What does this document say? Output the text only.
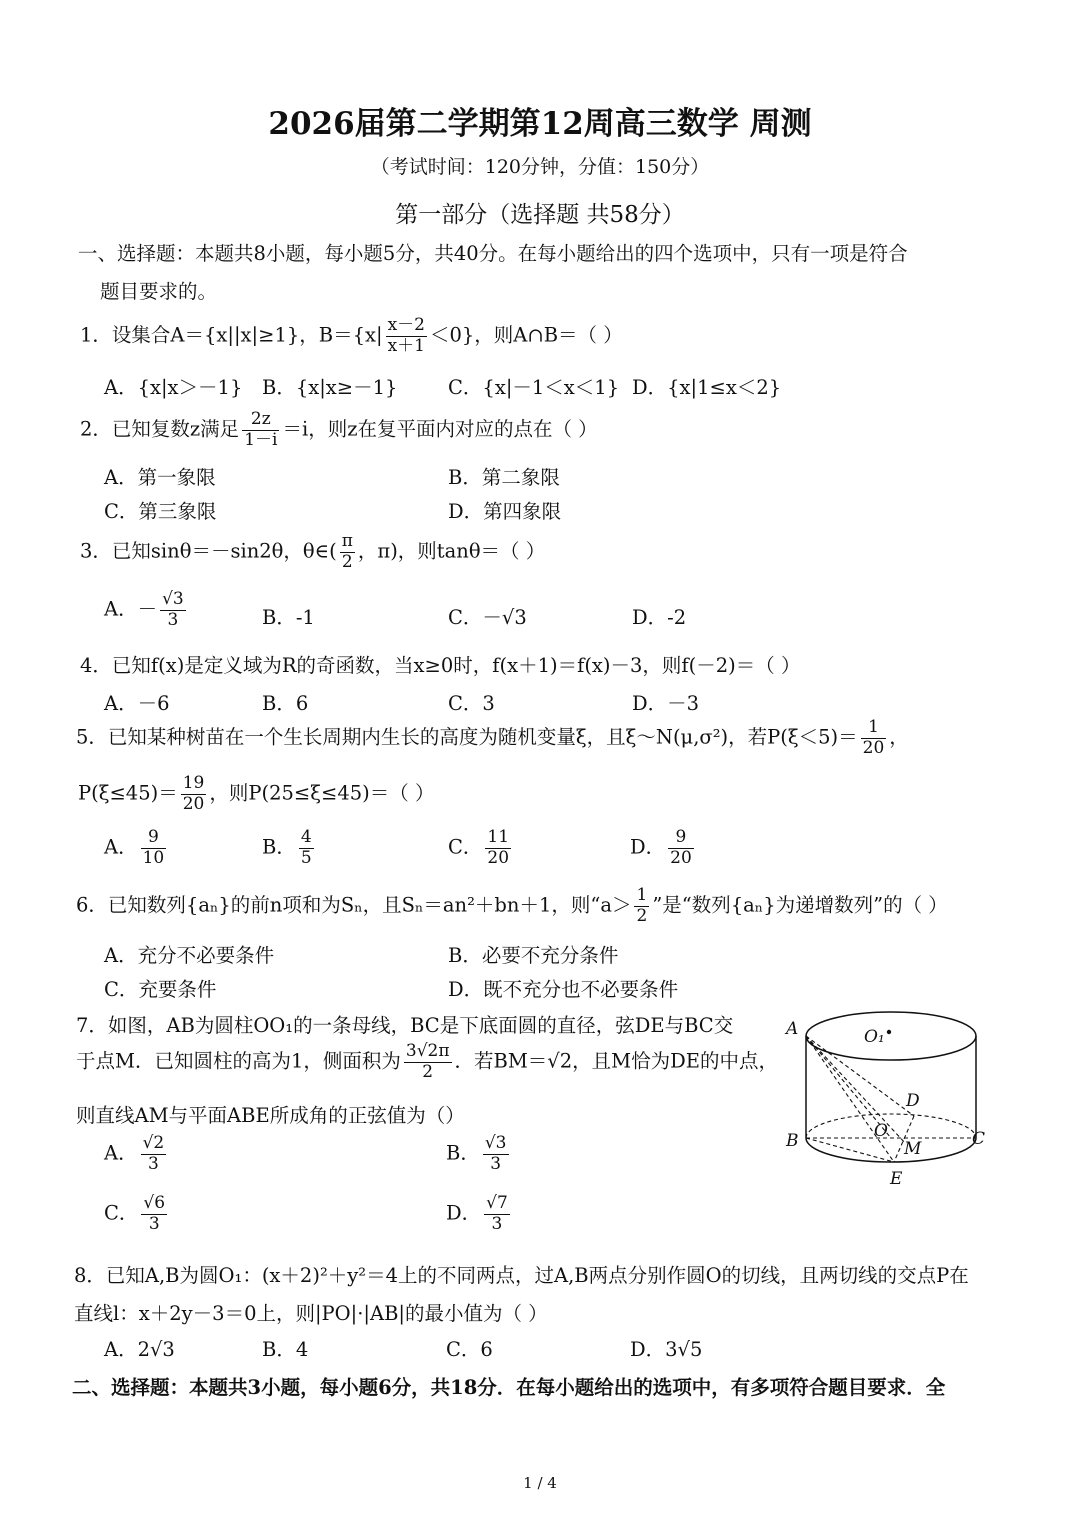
2026届第二学期第12周高三数学 周测
（考试时间：120分钟，分值：150分）
第一部分（选择题 共58分）
一、选择题：本题共8小题，每小题5分，共40分。在每小题给出的四个选项中，只有一项是符合
题目要求的。
1．设集合A＝{x||x|≥1}，$B=\{x| \frac{x-2}{x+1} <0\}$，则A∩B＝（ ）
A．{x|x＞－1} B．{x|x≥－1}	C．{x|－1＜x＜1} D．{x|1≤x＜2}
2．已知复数z满足 $\frac{2z}{1-i} =i$，则z在复平面内对应的点在（ ）
A．第一象限	B．第二象限
C．第三象限	D．第四象限
3．已知sinθ＝－sin2θ，θ∈( $\frac{\pi}{2}$ ，π)，则tanθ＝（ ）
A．－ $\frac{√3}{3}$	B．-1	C．－√3	D．-2
4．已知f(x)是定义域为R的奇函数，当x≥0时，f(x＋1)＝f(x)－3，则f(－2)＝（ ）
A．－6	B．6	C．3	D．－3
5．已知某种树苗在一个生长周期内生长的高度为随机变量ξ，且ξ～N(μ,σ²)，若$P(\xi<5)= \frac{1}{20}$ ，
$P(\xi\le 45)= \frac{19}{20}$ ，则P(25≤ξ≤45)＝（ ）
A． $\frac{9}{10}$	B． $\frac{4}{5}$	C． $\frac{11}{20}$	D． $\frac{9}{20}$
6．已知数列{aₙ}的前n项和为Sₙ，且Sₙ＝an²＋bn＋1，则“$a> \frac{1}{2}$ ”是“数列{aₙ}为递增数列”的（ ）
A．充分不必要条件	B．必要不充分条件
C．充要条件	D．既不充分也不必要条件
7．如图，AB为圆柱OO₁的一条母线，BC是下底面圆的直径，弦DE与BC交
于点M．已知圆柱的高为1，侧面积为 $\frac{3√2\pi}{2}$ ．若BM＝√2，且M恰为DE的中点，
则直线AM与平面ABE所成角的正弦值为（）
A． $\frac{√2}{3}$	B． $\frac{√3}{3}$
C． $\frac{√6}{3}$	D． $\frac{√7}{3}$
A	O₁
D
O
B	C
M
E
8．已知A,B为圆O₁：(x＋2)²＋y²＝4上的不同两点，过A,B两点分别作圆O的切线，且两切线的交点P在
直线l：x＋2y－3＝0上，则|PO|·|AB|的最小值为（ ）
A．2√3	B．4	C．6	D．3√5
二、选择题：本题共3小题，每小题6分，共18分．在每小题给出的选项中，有多项符合题目要求．全
1 / 4
